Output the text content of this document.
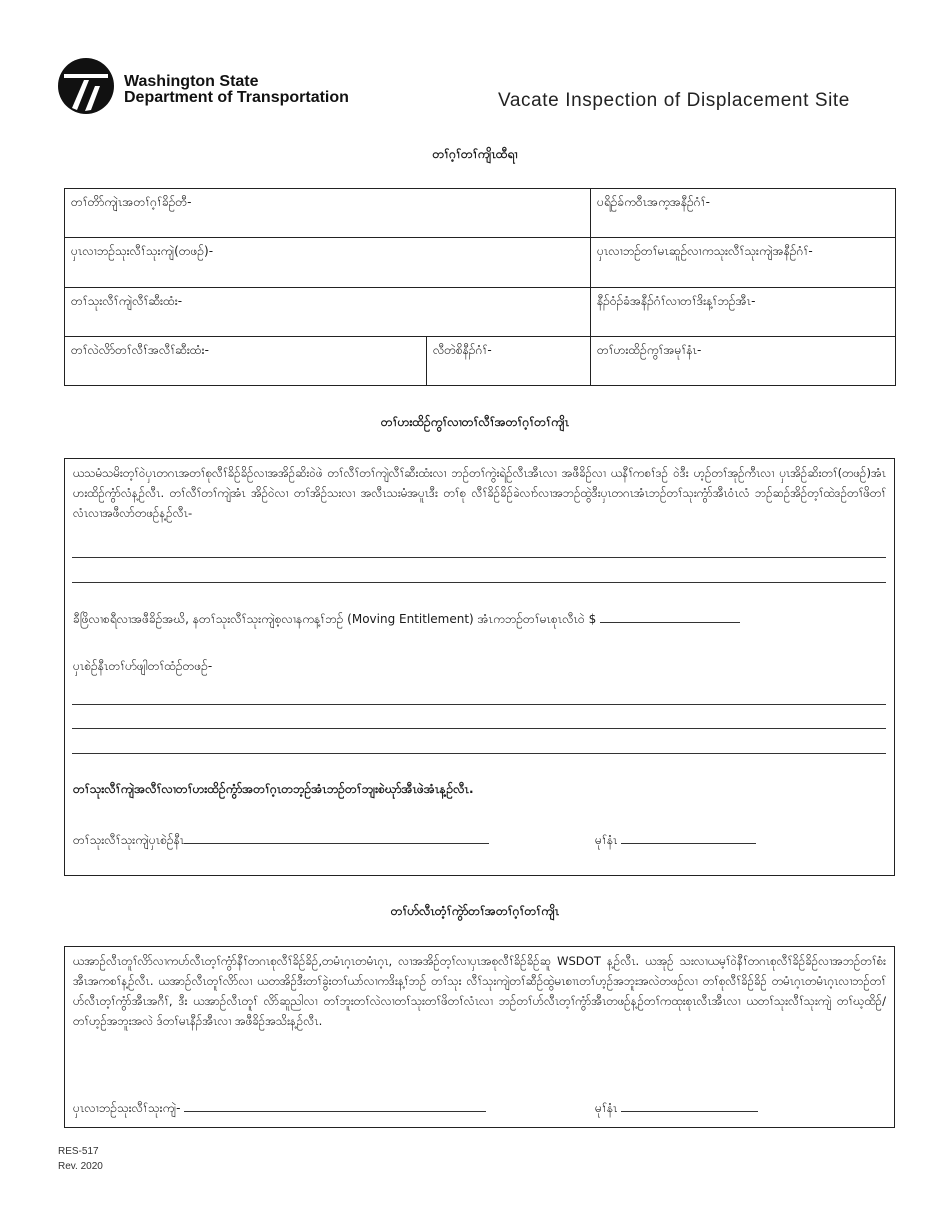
Washington State
Department of Transportation	Vacate Inspection of Displacement Site
တၢ်ဂ့ၢ်တၢ်ကျိၤထီရၢ
တၢ်တိာ်ကျဲၤအတၢ်ဂ့ၢ်ခိဉ်တီ-		ပရိဉ်ခ်ကဝီၤအက့အနီဉ်ဂံၢ်-
ပှၤလၢဘဉ်သုးလီၢ်သုးကျဲ(တဖဉ်)-		ပှၤလၢဘဉ်တၢ်မၤဆူဉ်လၢကသုးလီၢ်သုးကျဲအနီဉ်ဂံၢ်-
တၢ်သုးလီၢ်ကျဲလီၢ်ဆီးထံး-		နီၣ်ဝံၣ်ခံအနီၣ်ဂံၢ်လၢတၢ်ဒိးန့ၢ်ဘဉ်အီၤ-
တၢ်လဲလိာ်တၢ်လီၢ်အလီၢ်ဆီးထံး-	လီတဲစိနီၣ်ဂံၢ်-	တၢ်ဟးထိဉ်ကွၢ်အမုၢ်နံၤ-
တၢ်ဟးထိဉ်ကွၢ်လၢတၢ်လီၢ်အတၢ်ဂ့ၢ်တၢ်ကျိၤ
ယသမံသမိးတ့ၢ်ဝဲပှၤတဂၤအတၢ်စုလီၢ်ခိဉ်ခိဉ်လၢအအိဉ်ဆိးဝဲဖဲ တၢ်လီၢ်တၢ်ကျဲလီၢ်ဆီးထံးလၢ ဘဉ်တၢ်ကွဲးရဲဉ်လီၤအီၤလၢ အဖီခိဉ်လၢ ယနီၢ်ကစၢ်ဒဉ် ဝဲဒီး ဟ့ဉ်တၢ်အုဉ်ကီၤလၢ ပှၤအိဉ်ဆိးတၢ်(တဖဉ်)အံၤ ဟးထိဉ်ကွံာ်လံန့ဉ်လီၤ. တၢ်လီၢ်တၢ်ကျဲအံၤ အိဉ်ဝဲလၢ တၢ်အိဉ်သးလၢ အလီၤသးမံအပူၤဒီး တၢ်စု လီၢ်ခိဉ်ခိဉ်ခဲလၢာ်လၢအဘဉ်ထွဲဒီးပှၤတဂၤအံၤဘဉ်တၢ်သုးကွံာ်အီၤဝံၤလံ ဘဉ်ဆဉ်အိဉ်တ့ၢ်ထဲဒဉ်တၢ်ဖိတၢ်လံၤလၢအဖီလာ်တဖဉ်န့ဉ်လီၤ-
ခီဖြိလၢစရီလၢအဖီခိဉ်အဃိ, နတၢ်သုးလီၢ်သုးကျဲစ့လၢနကန့ၢ်ဘဉ် (Moving Entitlement) အံၤကဘဉ်တၢ်မၤစုၤလီၤဝဲ $
ပှၤစဲဉ်နီၤတၢ်ပာ်ဖျါတၢ်ထံဉ်တဖဉ်-
တၢ်သုးလီၢ်ကျဲအလီၢ်လၢတၢ်ဟးထိဉ်ကွံာ်အတၢ်ဂ့ၤတဘ့ဉ်အံၤဘဉ်တၢ်ဘျးစဲဃုာ်အီၤဖဲအံၤန့ဉ်လီၤ.
တၢ်သုးလီၢ်သုးကျဲပှၤစဲဉ်နီၤ	မုၢ်နံၤ
တၢ်ပာ်လီၤတံ့ၢ်ကွဲာ်တၢ်အတၢ်ဂ့ၢ်တၢ်ကျိၤ
ယအာဉ်လီၤတူၢ်လိာ်လၢကပာ်လီၤတ့ၢ်ကွံာ်နီၢ်တဂၤစုလီၢ်ခိဉ်ခိဉ်,တမံၤဂ့ၤတမံၤဂ့ၤ, လၢအအိဉ်တ့ၢ်လၢပှၤအစုလီၢ်ခိဉ်ခိဉ်ဆူ WSDOT န့ဉ်လီၤ. ယအုဉ် သးလၢယမ့ၢ်ဝဲနီၢ်တဂၤစုလီၢ်ခိဉ်ခိဉ်လၢအဘဉ်တၢ်စံးအီၤအကစၢ်န့ဉ်လီၤ. ယအာဉ်လီၤတူၢ်လိာ်လၢ ယတအိဉ်ဒီးတၢ်ခွဲးတၢ်ယာ်လၢကဒိးန့ၢ်ဘဉ် တၢ်သုး လီၢ်သုးကျဲတၢ်ဆီဉ်ထွဲမၤစၢၤတၢ်ဟ့ဉ်အဘူးအလဲတဖဉ်လၢ တၢ်စုလီၢ်ခိဉ်ခိဉ် တမံၤဂ့ၤတမံၤဂ့ၤလၢဘဉ်တၢ်ပာ်လီၤတ့ၢ်ကွံာ်အီၤအဂီၢ်, ဒီး ယအာဉ်လီၤတူၢ် လိာ်ဆူညါလၢ တၢ်ဘူးတၢ်လဲလၢတၢ်သုးတၢ်ဖိတၢ်လံၤလၢ ဘဉ်တၢ်ပာ်လီၤတ့ၢ်ကွံာ်အီၤတဖဉ်န့ဉ်တၢ်ကထုးစုၤလီၤအီၤလၢ ယတၢ်သုးလီၢ်သုးကျဲ တၢ်ဃ့ထိဉ်/တၢ်ဟ့ဉ်အဘူးအလဲ ဒ်တၢ်မၤနီၣ်အီၤလၢ အဖီခိဉ်အသိးန့ဉ်လီၤ.
ပှၤလၢဘဉ်သုးလီၢ်သုးကျဲ-	မုၢ်နံၤ
RES-517
Rev. 2020
